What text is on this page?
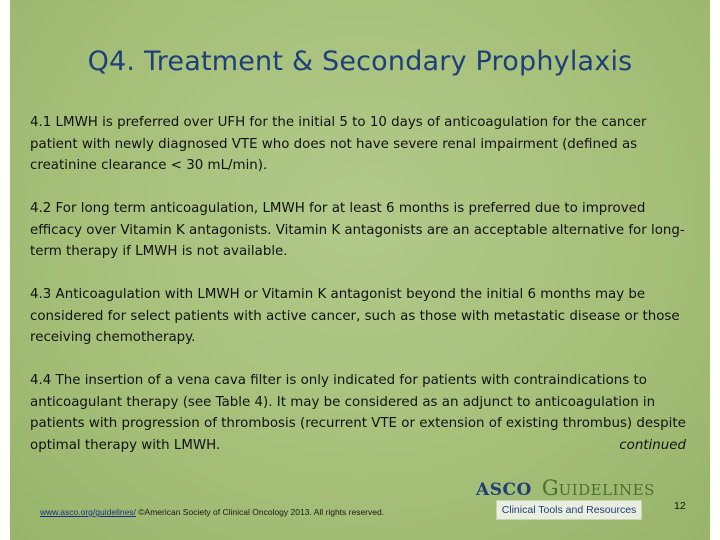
Q4. Treatment & Secondary Prophylaxis

4.1 LMWH is preferred over UFH for the initial 5 to 10 days of anticoagulation for the cancer patient with newly diagnosed VTE who does not have severe renal impairment (defined as creatinine clearance < 30 mL/min).

4.2 For long term anticoagulation, LMWH for at least 6 months is preferred due to improved efficacy over Vitamin K antagonists. Vitamin K antagonists are an acceptable alternative for long-term therapy if LMWH is not available.

4.3 Anticoagulation with LMWH or Vitamin K antagonist beyond the initial 6 months may be considered for select patients with active cancer, such as those with metastatic disease or those receiving chemotherapy.

4.4 The insertion of a vena cava filter is only indicated for patients with contraindications to anticoagulant therapy (see Table 4). It may be considered as an adjunct to anticoagulation in patients with progression of thrombosis (recurrent VTE or extension of existing thrombus) despite optimal therapy with LMWH.	continued

www.asco.org/guidelines/ ©American Society of Clinical Oncology 2013. All rights reserved.
ASCO GUIDELINES
Clinical Tools and Resources	12
